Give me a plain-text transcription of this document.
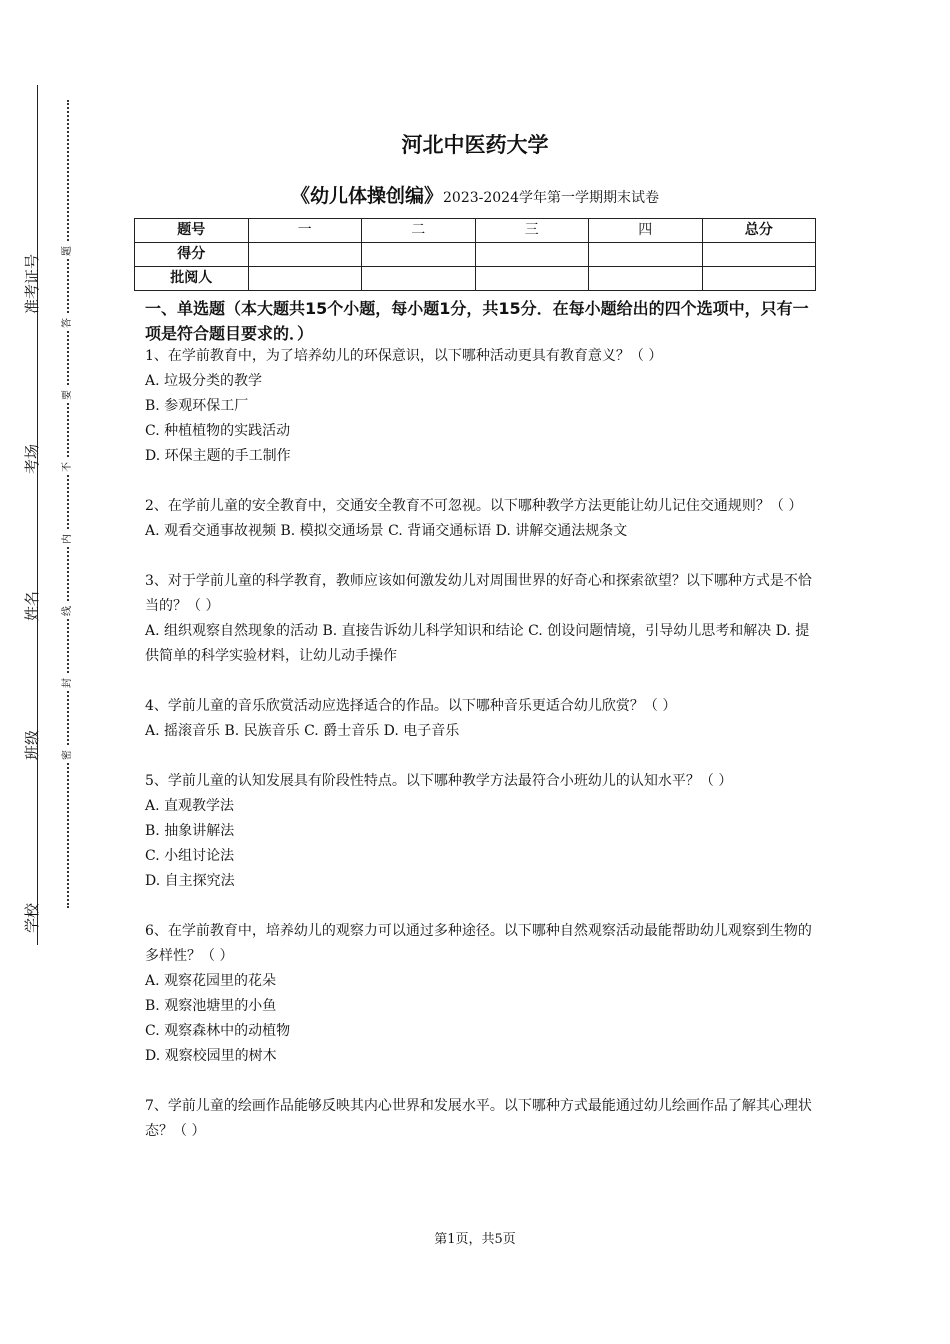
准考证号
考场
姓名
班级
学校
题
答
要
不
内
线
封
密
河北中医药大学
《幼儿体操创编》2023-2024学年第一学期期末试卷
题号	一	二	三	四	总分
得分					
批阅人					
一、单选题（本大题共15个小题，每小题1分，共15分．在每小题给出的四个选项中，只有一项是符合题目要求的．）

1、在学前教育中，为了培养幼儿的环保意识，以下哪种活动更具有教育意义？（ ）

A. 垃圾分类的教学

B. 参观环保工厂

C. 种植植物的实践活动

D. 环保主题的手工制作

2、在学前儿童的安全教育中，交通安全教育不可忽视。以下哪种教学方法更能让幼儿记住交通规则？（ ）

A. 观看交通事故视频 B. 模拟交通场景 C. 背诵交通标语 D. 讲解交通法规条文

3、对于学前儿童的科学教育，教师应该如何激发幼儿对周围世界的好奇心和探索欲望？以下哪种方式是不恰当的？（ ）

A. 组织观察自然现象的活动 B. 直接告诉幼儿科学知识和结论 C. 创设问题情境，引导幼儿思考和解决 D. 提供简单的科学实验材料，让幼儿动手操作

4、学前儿童的音乐欣赏活动应选择适合的作品。以下哪种音乐更适合幼儿欣赏？（ ）

A. 摇滚音乐 B. 民族音乐 C. 爵士音乐 D. 电子音乐

5、学前儿童的认知发展具有阶段性特点。以下哪种教学方法最符合小班幼儿的认知水平？（ ）

A. 直观教学法

B. 抽象讲解法

C. 小组讨论法

D. 自主探究法

6、在学前教育中，培养幼儿的观察力可以通过多种途径。以下哪种自然观察活动最能帮助幼儿观察到生物的多样性？（ ）

A. 观察花园里的花朵

B. 观察池塘里的小鱼

C. 观察森林中的动植物

D. 观察校园里的树木

7、学前儿童的绘画作品能够反映其内心世界和发展水平。以下哪种方式最能通过幼儿绘画作品了解其心理状态？（ ）

第1页，共5页
